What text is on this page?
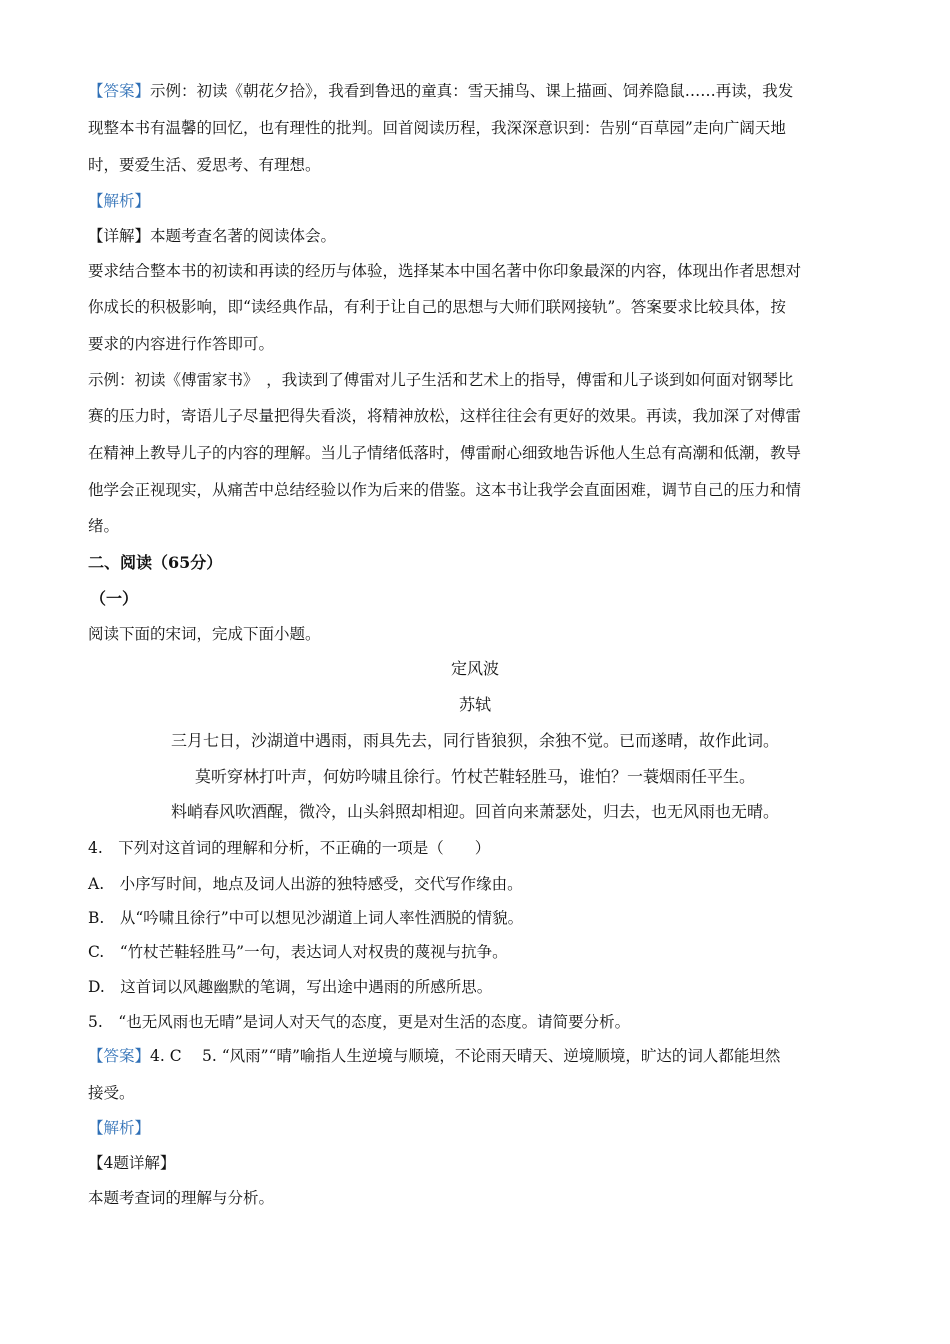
【答案】示例：初读《朝花夕拾》，我看到鲁迅的童真：雪天捕鸟、课上描画、饲养隐鼠……再读，我发
现整本书有温馨的回忆，也有理性的批判。回首阅读历程，我深深意识到：告别“百草园”走向广阔天地
时，要爱生活、爱思考、有理想。
【解析】
【详解】本题考查名著的阅读体会。
要求结合整本书的初读和再读的经历与体验，选择某本中国名著中你印象最深的内容，体现出作者思想对
你成长的积极影响，即“读经典作品，有利于让自己的思想与大师们联网接轨”。答案要求比较具体，按
要求的内容进行作答即可。
示例：初读《傅雷家书》　，我读到了傅雷对儿子生活和艺术上的指导，傅雷和儿子谈到如何面对钢琴比
赛的压力时，寄语儿子尽量把得失看淡，将精神放松，这样往往会有更好的效果。再读，我加深了对傅雷
在精神上教导儿子的内容的理解。当儿子情绪低落时，傅雷耐心细致地告诉他人生总有高潮和低潮，教导
他学会正视现实，从痛苦中总结经验以作为后来的借鉴。这本书让我学会直面困难，调节自己的压力和情
绪。
二、阅读（65分）
（一）
阅读下面的宋词，完成下面小题。
定风波
苏轼
三月七日，沙湖道中遇雨，雨具先去，同行皆狼狈，余独不觉。已而遂晴，故作此词。
莫听穿林打叶声，何妨吟啸且徐行。竹杖芒鞋轻胜马，谁怕？一蓑烟雨任平生。
料峭春风吹酒醒，微冷，山头斜照却相迎。回首向来萧瑟处，归去，也无风雨也无晴。
4.　下列对这首词的理解和分析，不正确的一项是（　　）
A.　小序写时间，地点及词人出游的独特感受，交代写作缘由。
B.　从“吟啸且徐行”中可以想见沙湖道上词人率性洒脱的情貌。
C.　“竹杖芒鞋轻胜马”一句，表达词人对权贵的蔑视与抗争。
D.　这首词以风趣幽默的笔调，写出途中遇雨的所感所思。
5.　“也无风雨也无晴”是词人对天气的态度，更是对生活的态度。请简要分析。
【答案】4. C　 5. “风雨”“晴”喻指人生逆境与顺境，不论雨天晴天、逆境顺境，旷达的词人都能坦然
接受。
【解析】
【4题详解】
本题考查词的理解与分析。
